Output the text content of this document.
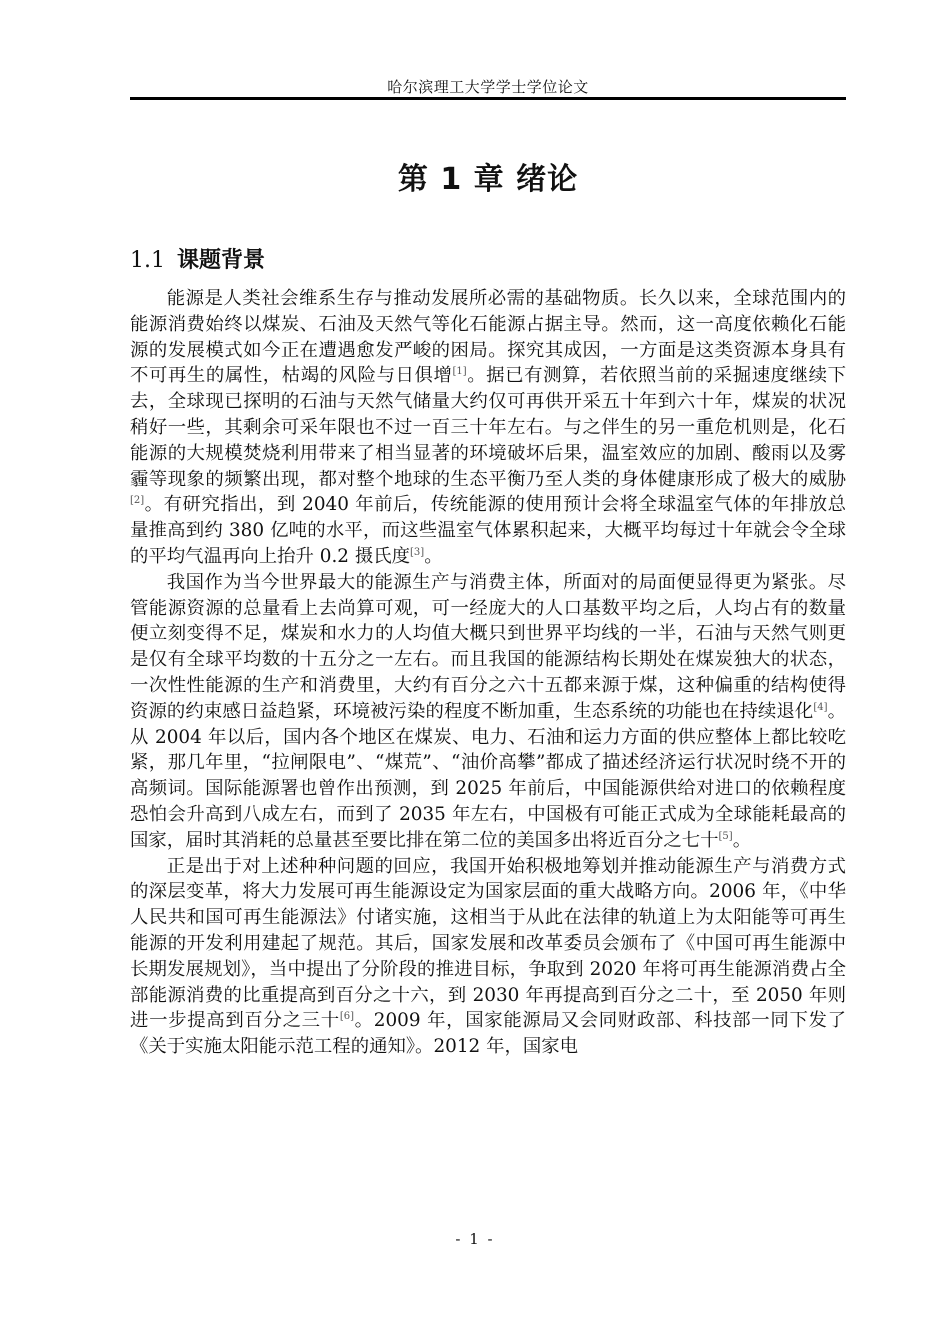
哈尔滨理工大学学士学位论文
第 1 章 绪论
1.1 课题背景

能源是人类社会维系生存与推动发展所必需的基础物质。长久以来，全球范围内的能源消费始终以煤炭、石油及天然气等化石能源占据主导。然而，这一高度依赖化石能源的发展模式如今正在遭遇愈发严峻的困局。探究其成因，一方面是这类资源本身具有不可再生的属性，枯竭的风险与日俱增[1]。据已有测算，若依照当前的采掘速度继续下去，全球现已探明的石油与天然气储量大约仅可再供开采五十年到六十年，煤炭的状况稍好一些，其剩余可采年限也不过一百三十年左右。与之伴生的另一重危机则是，化石能源的大规模焚烧利用带来了相当显著的环境破坏后果，温室效应的加剧、酸雨以及雾霾等现象的频繁出现，都对整个地球的生态平衡乃至人类的身体健康形成了极大的威胁[2]。有研究指出，到 2040 年前后，传统能源的使用预计会将全球温室气体的年排放总量推高到约 380 亿吨的水平，而这些温室气体累积起来，大概平均每过十年就会令全球的平均气温再向上抬升 0.2 摄氏度[3]。

我国作为当今世界最大的能源生产与消费主体，所面对的局面便显得更为紧张。尽管能源资源的总量看上去尚算可观，可一经庞大的人口基数平均之后，人均占有的数量便立刻变得不足，煤炭和水力的人均值大概只到世界平均线的一半，石油与天然气则更是仅有全球平均数的十五分之一左右。而且我国的能源结构长期处在煤炭独大的状态，一次性性能源的生产和消费里，大约有百分之六十五都来源于煤，这种偏重的结构使得资源的约束感日益趋紧，环境被污染的程度不断加重，生态系统的功能也在持续退化[4]。从 2004 年以后，国内各个地区在煤炭、电力、石油和运力方面的供应整体上都比较吃紧，那几年里，“拉闸限电”、“煤荒”、“油价高攀”都成了描述经济运行状况时绕不开的高频词。国际能源署也曾作出预测，到 2025 年前后，中国能源供给对进口的依赖程度恐怕会升高到八成左右，而到了 2035 年左右，中国极有可能正式成为全球能耗最高的国家，届时其消耗的总量甚至要比排在第二位的美国多出将近百分之七十[5]。

正是出于对上述种种问题的回应，我国开始积极地筹划并推动能源生产与消费方式的深层变革，将大力发展可再生能源设定为国家层面的重大战略方向。2006 年，《中华人民共和国可再生能源法》付诸实施，这相当于从此在法律的轨道上为太阳能等可再生能源的开发利用建起了规范。其后，国家发展和改革委员会颁布了《中国可再生能源中长期发展规划》，当中提出了分阶段的推进目标，争取到 2020 年将可再生能源消费占全部能源消费的比重提高到百分之十六，到 2030 年再提高到百分之二十，至 2050 年则进一步提高到百分之三十[6]。2009 年，国家能源局又会同财政部、科技部一同下发了《关于实施太阳能示范工程的通知》。2012 年，国家电

- 1 -
